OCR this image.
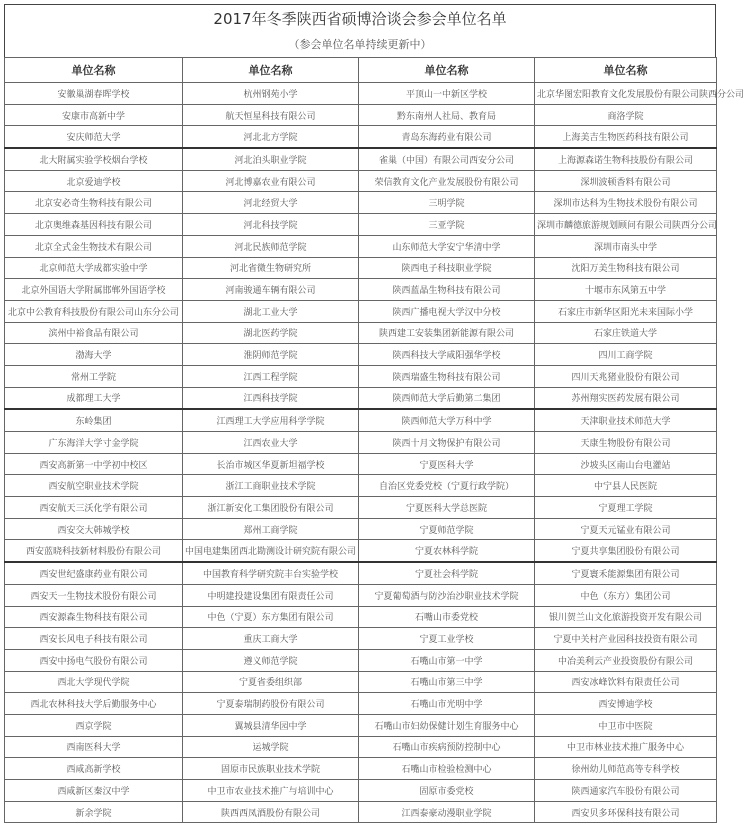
2017年冬季陕西省硕博洽谈会参会单位名单
（参会单位名单持续更新中）
单位名称	单位名称	单位名称	单位名称
安徽巢湖春晖学校	杭州钢苑小学	平顶山一中新区学校	北京华图宏阳教育文化发展股份有限公司陕西分公司
安康市高新中学	航天恒星科技有限公司	黔东南州人社局、教育局	商洛学院
安庆师范大学	河北北方学院	青岛东海药业有限公司	上海美吉生物医药科技有限公司
北大附属实验学校烟台学校	河北泊头职业学院	雀巢（中国）有限公司西安分公司	上海源森诺生物科技股份有限公司
北京爱迪学校	河北博嘉农业有限公司	荣信教育文化产业发展股份有限公司	深圳波顿香料有限公司
北京安必奇生物科技有限公司	河北经贸大学	三明学院	深圳市达科为生物技术股份有限公司
北京奥维森基因科技有限公司	河北科技学院	三亚学院	深圳市麟德旅游规划顾问有限公司陕西分公司
北京全式金生物技术有限公司	河北民族师范学院	山东师范大学安宁华清中学	深圳市南头中学
北京师范大学成都实验中学	河北省微生物研究所	陕西电子科技职业学院	沈阳万美生物科技有限公司
北京外国语大学附属邯郸外国语学校	河南骏通车辆有限公司	陕西蓝晶生物科技有限公司	十堰市东风第五中学
北京中公教育科技股份有限公司山东分公司	湖北工业大学	陕西广播电视大学汉中分校	石家庄市新华区阳光未来国际小学
滨州中裕食品有限公司	湖北医药学院	陕西建工安装集团新能源有限公司	石家庄铁道大学
渤海大学	淮阴师范学院	陕西科技大学咸阳强华学校	四川工商学院
常州工学院	江西工程学院	陕西瑞盛生物科技有限公司	四川天兆猪业股份有限公司
成都理工大学	江西科技学院	陕西师范大学后勤第二集团	苏州翔实医药发展有限公司
东岭集团	江西理工大学应用科学学院	陕西师范大学万科中学	天津职业技术师范大学
广东海洋大学寸金学院	江西农业大学	陕西十月文物保护有限公司	天康生物股份有限公司
西安高新第一中学初中校区	长治市城区华夏新坦福学校	宁夏医科大学	沙坡头区南山台电灌站
西安航空职业技术学院	浙江工商职业技术学院	自治区党委党校（宁夏行政学院）	中宁县人民医院
西安航天三沃化学有限公司	浙江新安化工集团股份有限公司	宁夏医科大学总医院	宁夏理工学院
西安交大韩城学校	郑州工商学院	宁夏师范学院	宁夏天元锰业有限公司
西安蓝晓科技新材料股份有限公司	中国电建集团西北勘测设计研究院有限公司	宁夏农林科学院	宁夏共享集团股份有限公司
西安世纪盛康药业有限公司	中国教育科学研究院丰台实验学校	宁夏社会科学院	宁夏寰禾能源集团有限公司
西安天一生物技术股份有限公司	中明建投建设集团有限责任公司	宁夏葡萄酒与防沙治沙职业技术学院	中色（东方）集团公司
西安源森生物科技有限公司	中色（宁夏）东方集团有限公司	石嘴山市委党校	银川贺兰山文化旅游投资开发有限公司
西安长风电子科技有限公司	重庆工商大学	宁夏工业学校	宁夏中关村产业园科技投资有限公司
西安中扬电气股份有限公司	遵义师范学院	石嘴山市第一中学	中冶美利云产业投资股份有限公司
西北大学现代学院	宁夏省委组织部	石嘴山市第三中学	西安冰峰饮料有限责任公司
西北农林科技大学后勤服务中心	宁夏泰瑞制药股份有限公司	石嘴山市光明中学	西安博迪学校
西京学院	翼城县清华园中学	石嘴山市妇幼保健计划生育服务中心	中卫市中医院
西南医科大学	运城学院	石嘴山市疾病预防控制中心	中卫市林业技术推广服务中心
西咸高新学校	固原市民族职业技术学院	石嘴山市检验检测中心	徐州幼儿师范高等专科学校
西咸新区秦汉中学	中卫市农业技术推广与培训中心	固原市委党校	陕西通家汽车股份有限公司
新余学院	陕西西凤酒股份有限公司	江西泰豪动漫职业学院	西安贝多环保科技有限公司
